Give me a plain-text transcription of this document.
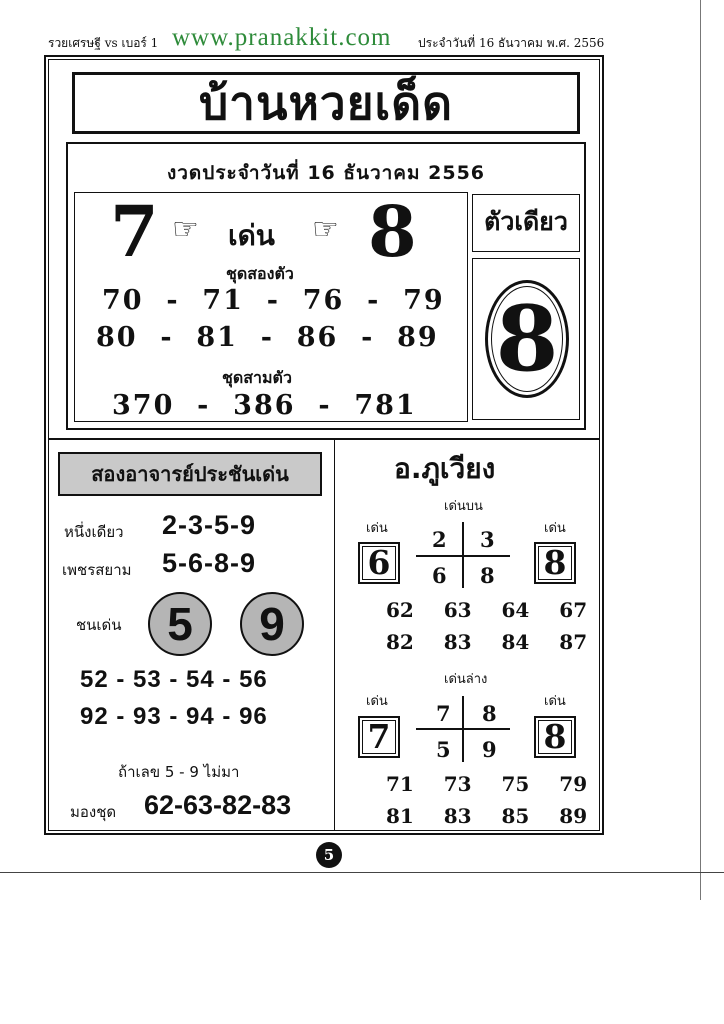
รวยเศรษฐี vs เบอร์ 1 www.pranakkit.com ประจำวันที่ 16 ธันวาคม พ.ศ. 2556
บ้านหวยเด็ด
งวดประจำวันที่ 16 ธันวาคม 2556
7 ☞ เด่น ☞ 8
ชุดสองตัว
70  -  71  -  76  -  79
80  -  81  -  86  -  89
ชุดสามตัว
370  -  386  -  781
ตัวเดียว
8
สองอาจารย์ประชันเด่น
หนึ่งเดียว 2-3-5-9
เพชรสยาม 5-6-8-9
ชนเด่น 5	9
52 - 53 - 54 - 56
92 - 93 - 94 - 96
ถ้าเลข 5 - 9 ไม่มา
มองชุด 62-63-82-83
อ.ภูเวียง
เด่นบน
เด่น
6
เด่น
8
2 3
6 8
62  63  64  67
82  83  84  87
เด่นล่าง
เด่น
7
เด่น
8
7 8
5 9
71  73  75  79
81  83  85  89
5
